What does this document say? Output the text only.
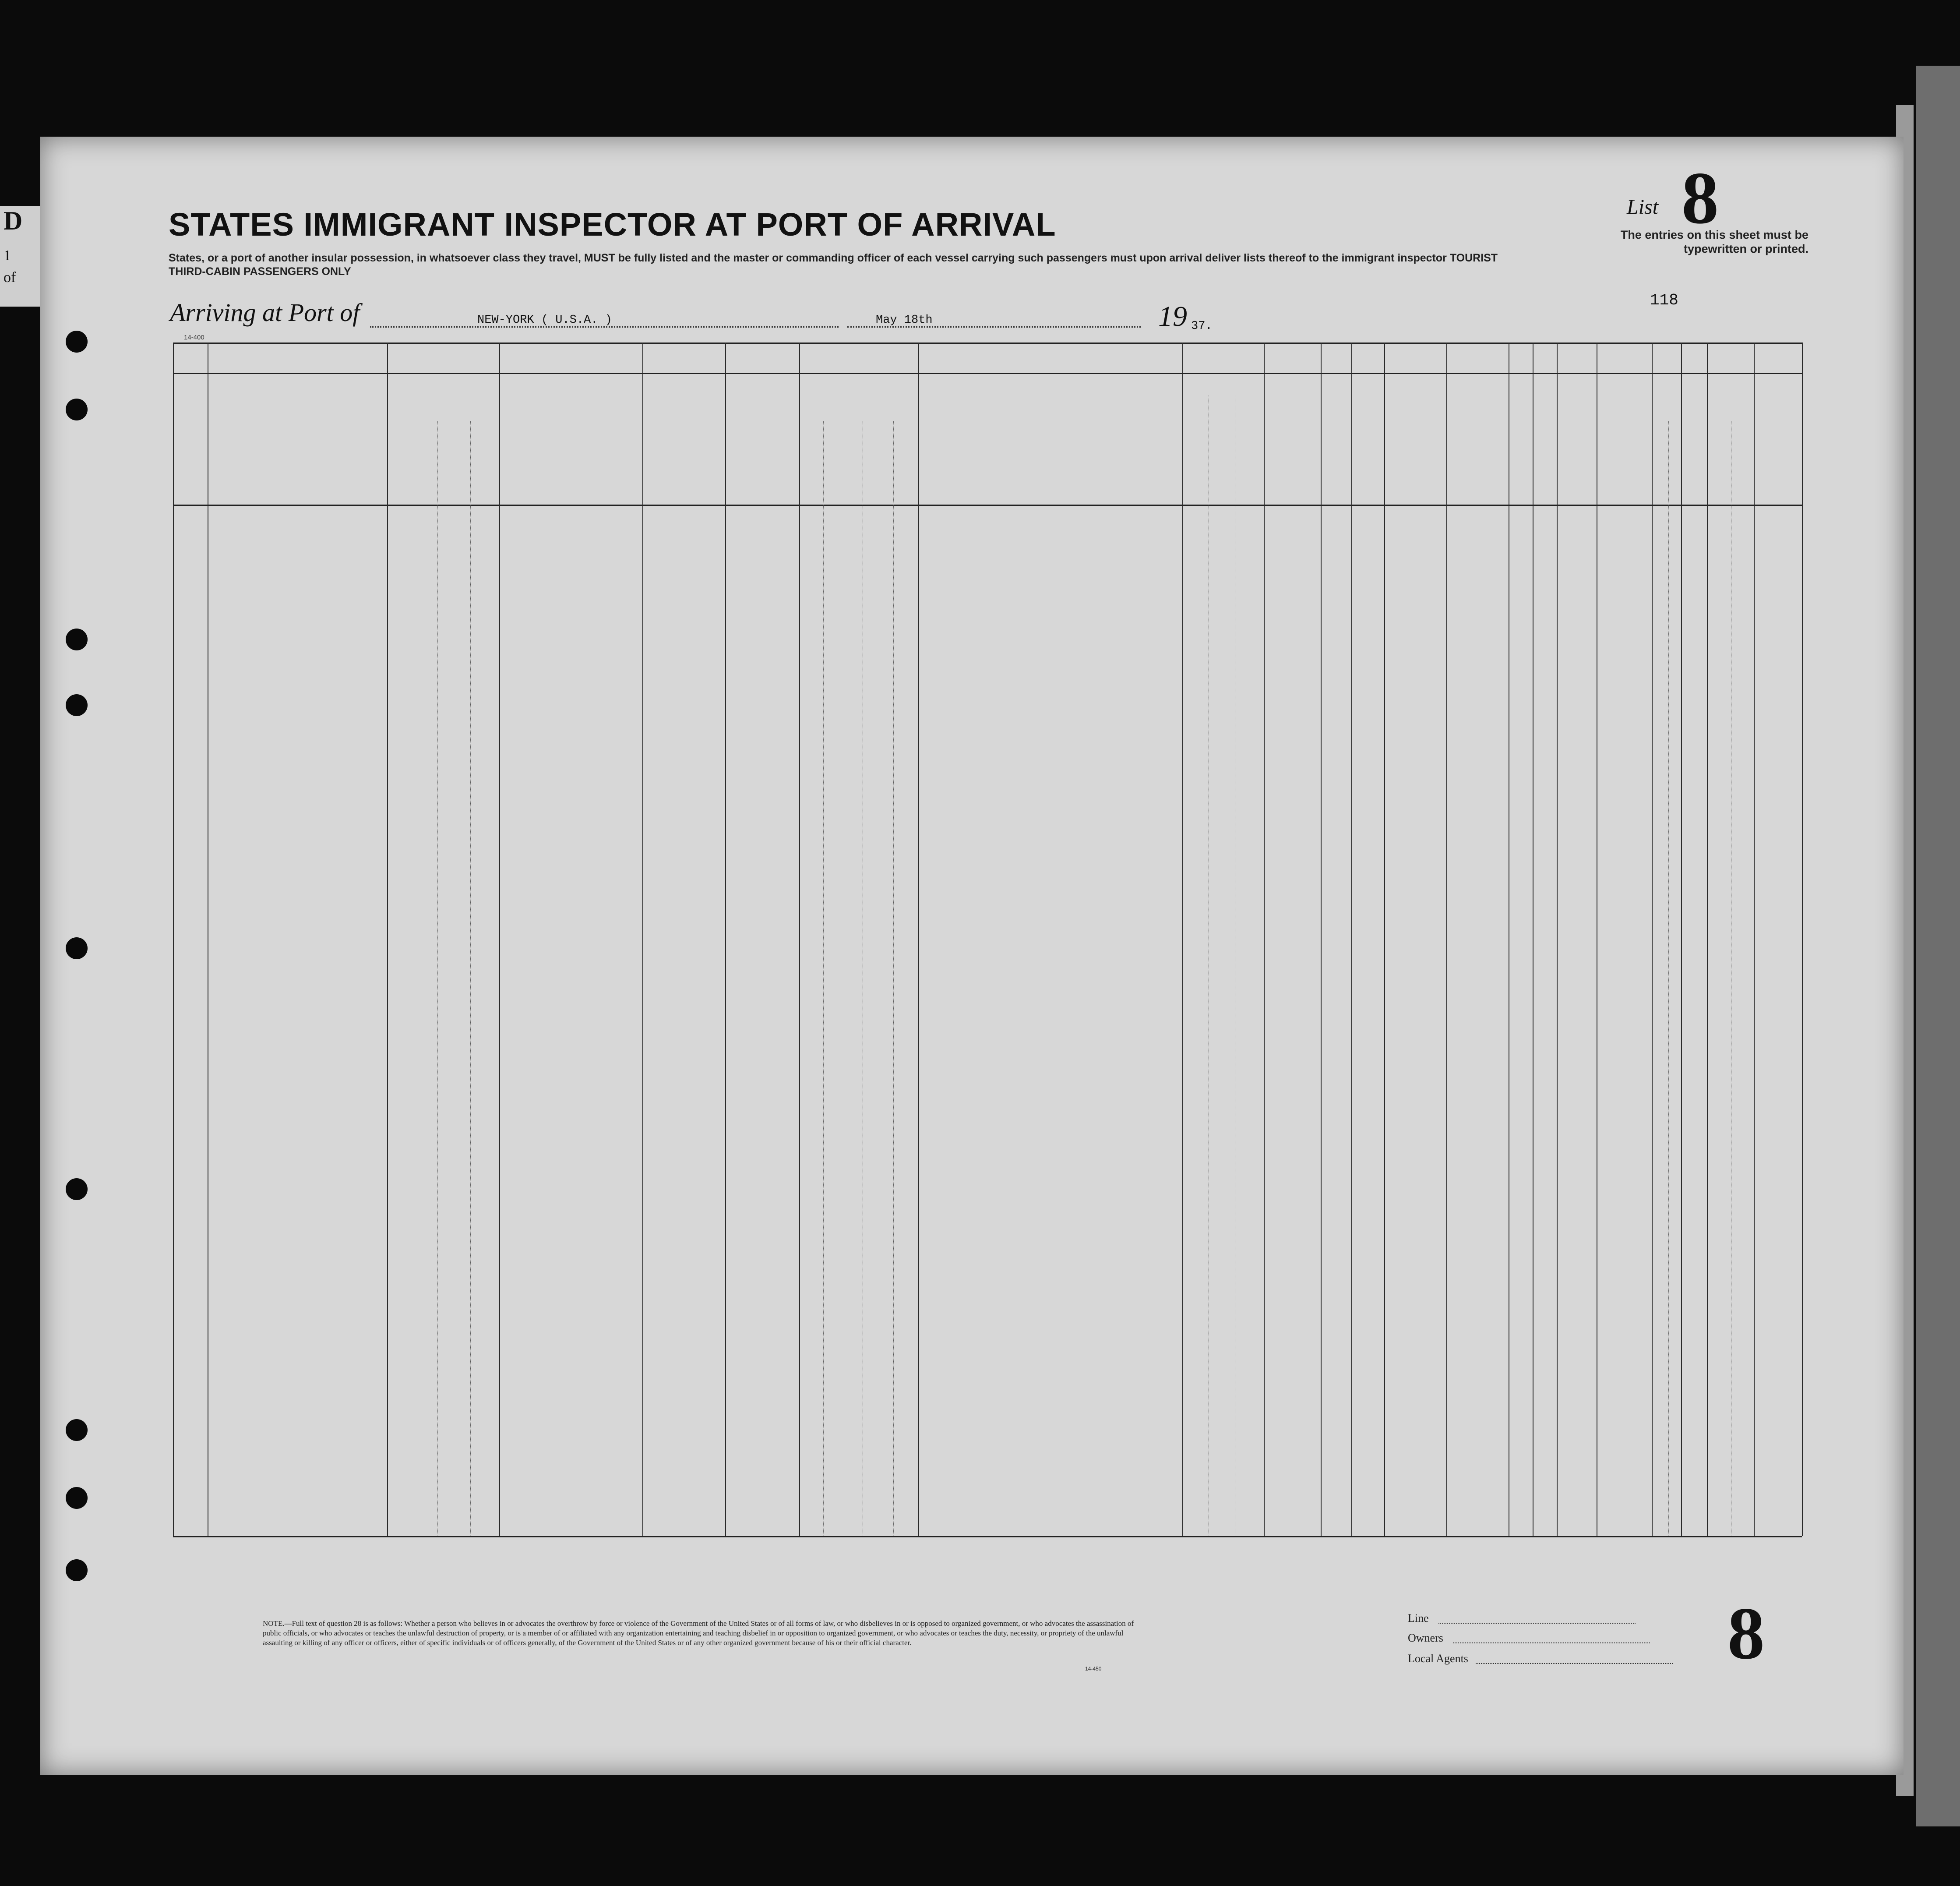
D
1
of
STATES IMMIGRANT INSPECTOR AT PORT OF ARRIVAL
States, or a port of another insular possession, in whatsoever class they travel, MUST be fully listed and the master or commanding officer of each vessel carrying such passengers must upon arrival deliver lists thereof to the immigrant inspector TOURIST THIRD-CABIN PASSENGERS ONLY
List 8
The entries on this sheet must be typewritten or printed.
118
Arriving at Port of	NEW-YORK ( U.S.A. )	May 18th	19 37.
14-400
NOTE.—Full text of question 28 is as follows: Whether a person who believes in or advocates the overthrow by force or violence of the Government of the United States or of all forms of law, or who disbelieves in or is opposed to organized government, or who advocates the assassination of public officials, or who advocates or teaches the unlawful destruction of property, or is a member of or affiliated with any organization entertaining and teaching disbelief in or opposition to organized government, or who advocates or teaches the duty, necessity, or propriety of the unlawful assaulting or killing of any officer or officers, either of specific individuals or of officers generally, of the Government of the United States or of any other organized government because of his or their official character.
14-450
Line
Owners
Local Agents	8
